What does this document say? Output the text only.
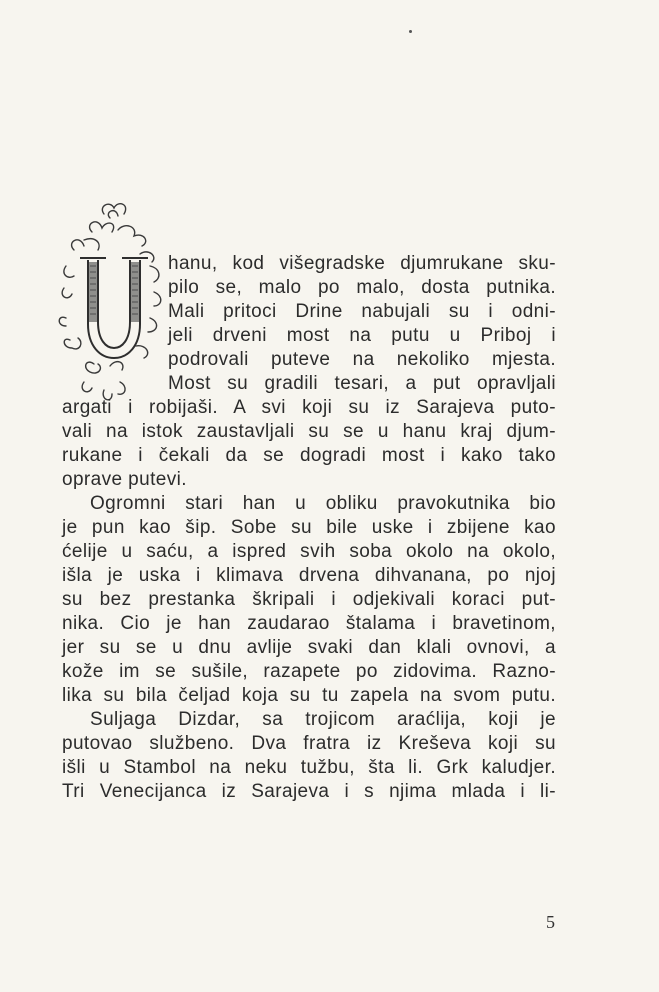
hanu, kod višegradske djumrukane sku-
pilo se, malo po malo, dosta putnika.
Mali pritoci Drine nabujali su i odni-
jeli drveni most na putu u Priboj i
podrovali puteve na nekoliko mjesta.
Most su gradili tesari, a put opravljali
argati i robijaši. A svi koji su iz Sarajeva puto-
vali na istok zaustavljali su se u hanu kraj djum-
rukane i čekali da se dogradi most i kako tako
oprave putevi.
Ogromni stari han u obliku pravokutnika bio
je pun kao šip. Sobe su bile uske i zbijene kao
ćelije u saću, a ispred svih soba okolo na okolo,
išla je uska i klimava drvena dihvanana, po njoj
su bez prestanka škripali i odjekivali koraci put-
nika. Cio je han zaudarao štalama i bravetinom,
jer su se u dnu avlije svaki dan klali ovnovi, a
kože im se sušile, razapete po zidovima. Razno-
lika su bila čeljad koja su tu zapela na svom putu.
Suljaga Dizdar, sa trojicom araćlija, koji je
putovao službeno. Dva fratra iz Kreševa koji su
išli u Stambol na neku tužbu, šta li. Grk kaludjer.
Tri Venecijanca iz Sarajeva i s njima mlada i li-
5
